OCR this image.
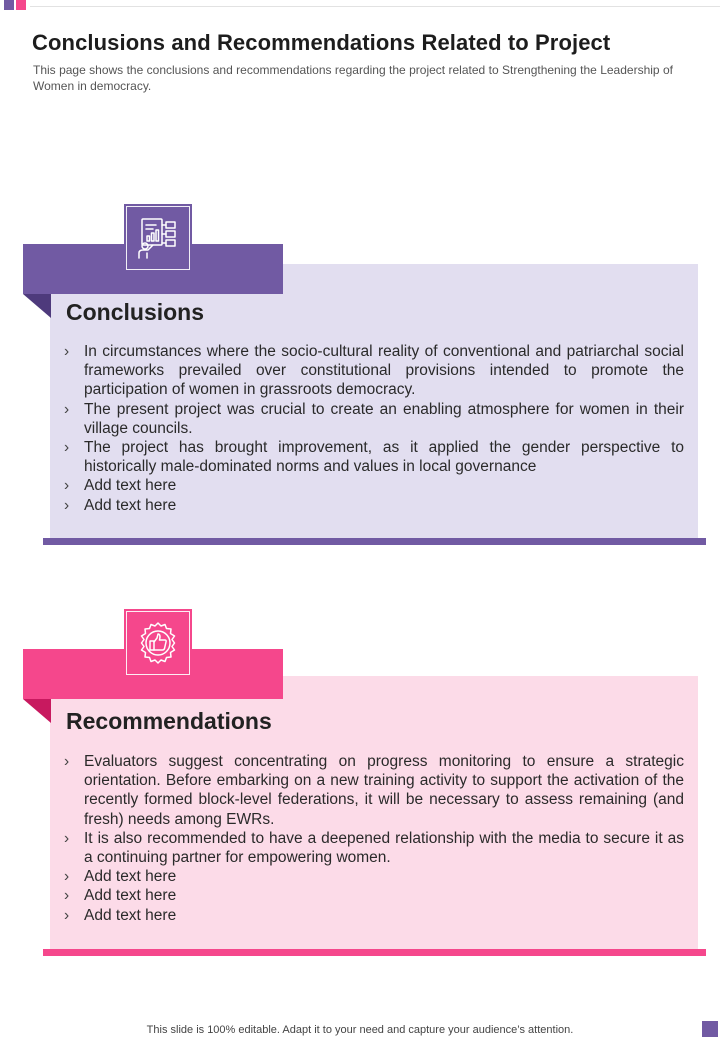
Conclusions and Recommendations Related to Project
This page shows the conclusions and recommendations regarding the project related to Strengthening the Leadership of Women in democracy.
Conclusions
› In circumstances where the socio-cultural reality of conventional and patriarchal social frameworks prevailed over constitutional provisions intended to promote the participation of women in grassroots democracy.
› The present project was crucial to create an enabling atmosphere for women in their village councils.
› The project has brought improvement, as it applied the gender perspective to historically male-dominated norms and values in local governance
› Add text here
› Add text here
Recommendations
› Evaluators suggest concentrating on progress monitoring to ensure a strategic orientation. Before embarking on a new training activity to support the activation of the recently formed block-level federations, it will be necessary to assess remaining (and fresh) needs among EWRs.
› It is also recommended to have a deepened relationship with the media to secure it as a continuing partner for empowering women.
› Add text here
› Add text here
› Add text here
This slide is 100% editable. Adapt it to your need and capture your audience’s attention.
